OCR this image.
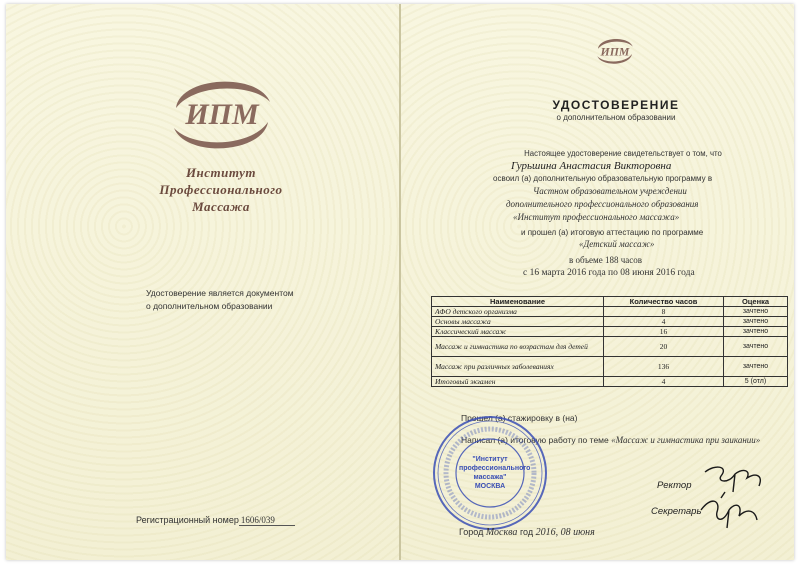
ИПМ
Институт
Профессионального
Массажа
Удостоверение является документом
о дополнительном образовании
Регистрационный номер 1606/039
ИПМ
УДОСТОВЕРЕНИЕ
о дополнительном образовании
Настоящее удостоверение свидетельствует о том, что
Гурьшина Анастасия Викторовна
освоил (а) дополнительную образовательную программу в
Частном образовательном учреждении
дополнительного профессионального образования
«Институт профессионального массажа»
и прошел (а) итоговую аттестацию по программе
«Детский массаж»
в объеме 188 часов
с 16 марта 2016 года по 08 июня 2016 года
Наименование	Количество часов	Оценка
АФО детского организма	8	зачтено
Основы массажа	4	зачтено
Классический массаж	16	зачтено
Массаж и гимнастика по возрастам для детей	20	зачтено
Массаж при различных заболеваниях	136	зачтено
Итоговый экзамен	4	5 (отл)
Прошел (а) стажировку в (на)
Написал (а) итоговую работу по теме «Массаж и гимнастика при заикании»
"Институт
профессионального
массажа"
МОСКВА	Ректор
Секретарь
Город Москва год 2016, 08 июня
